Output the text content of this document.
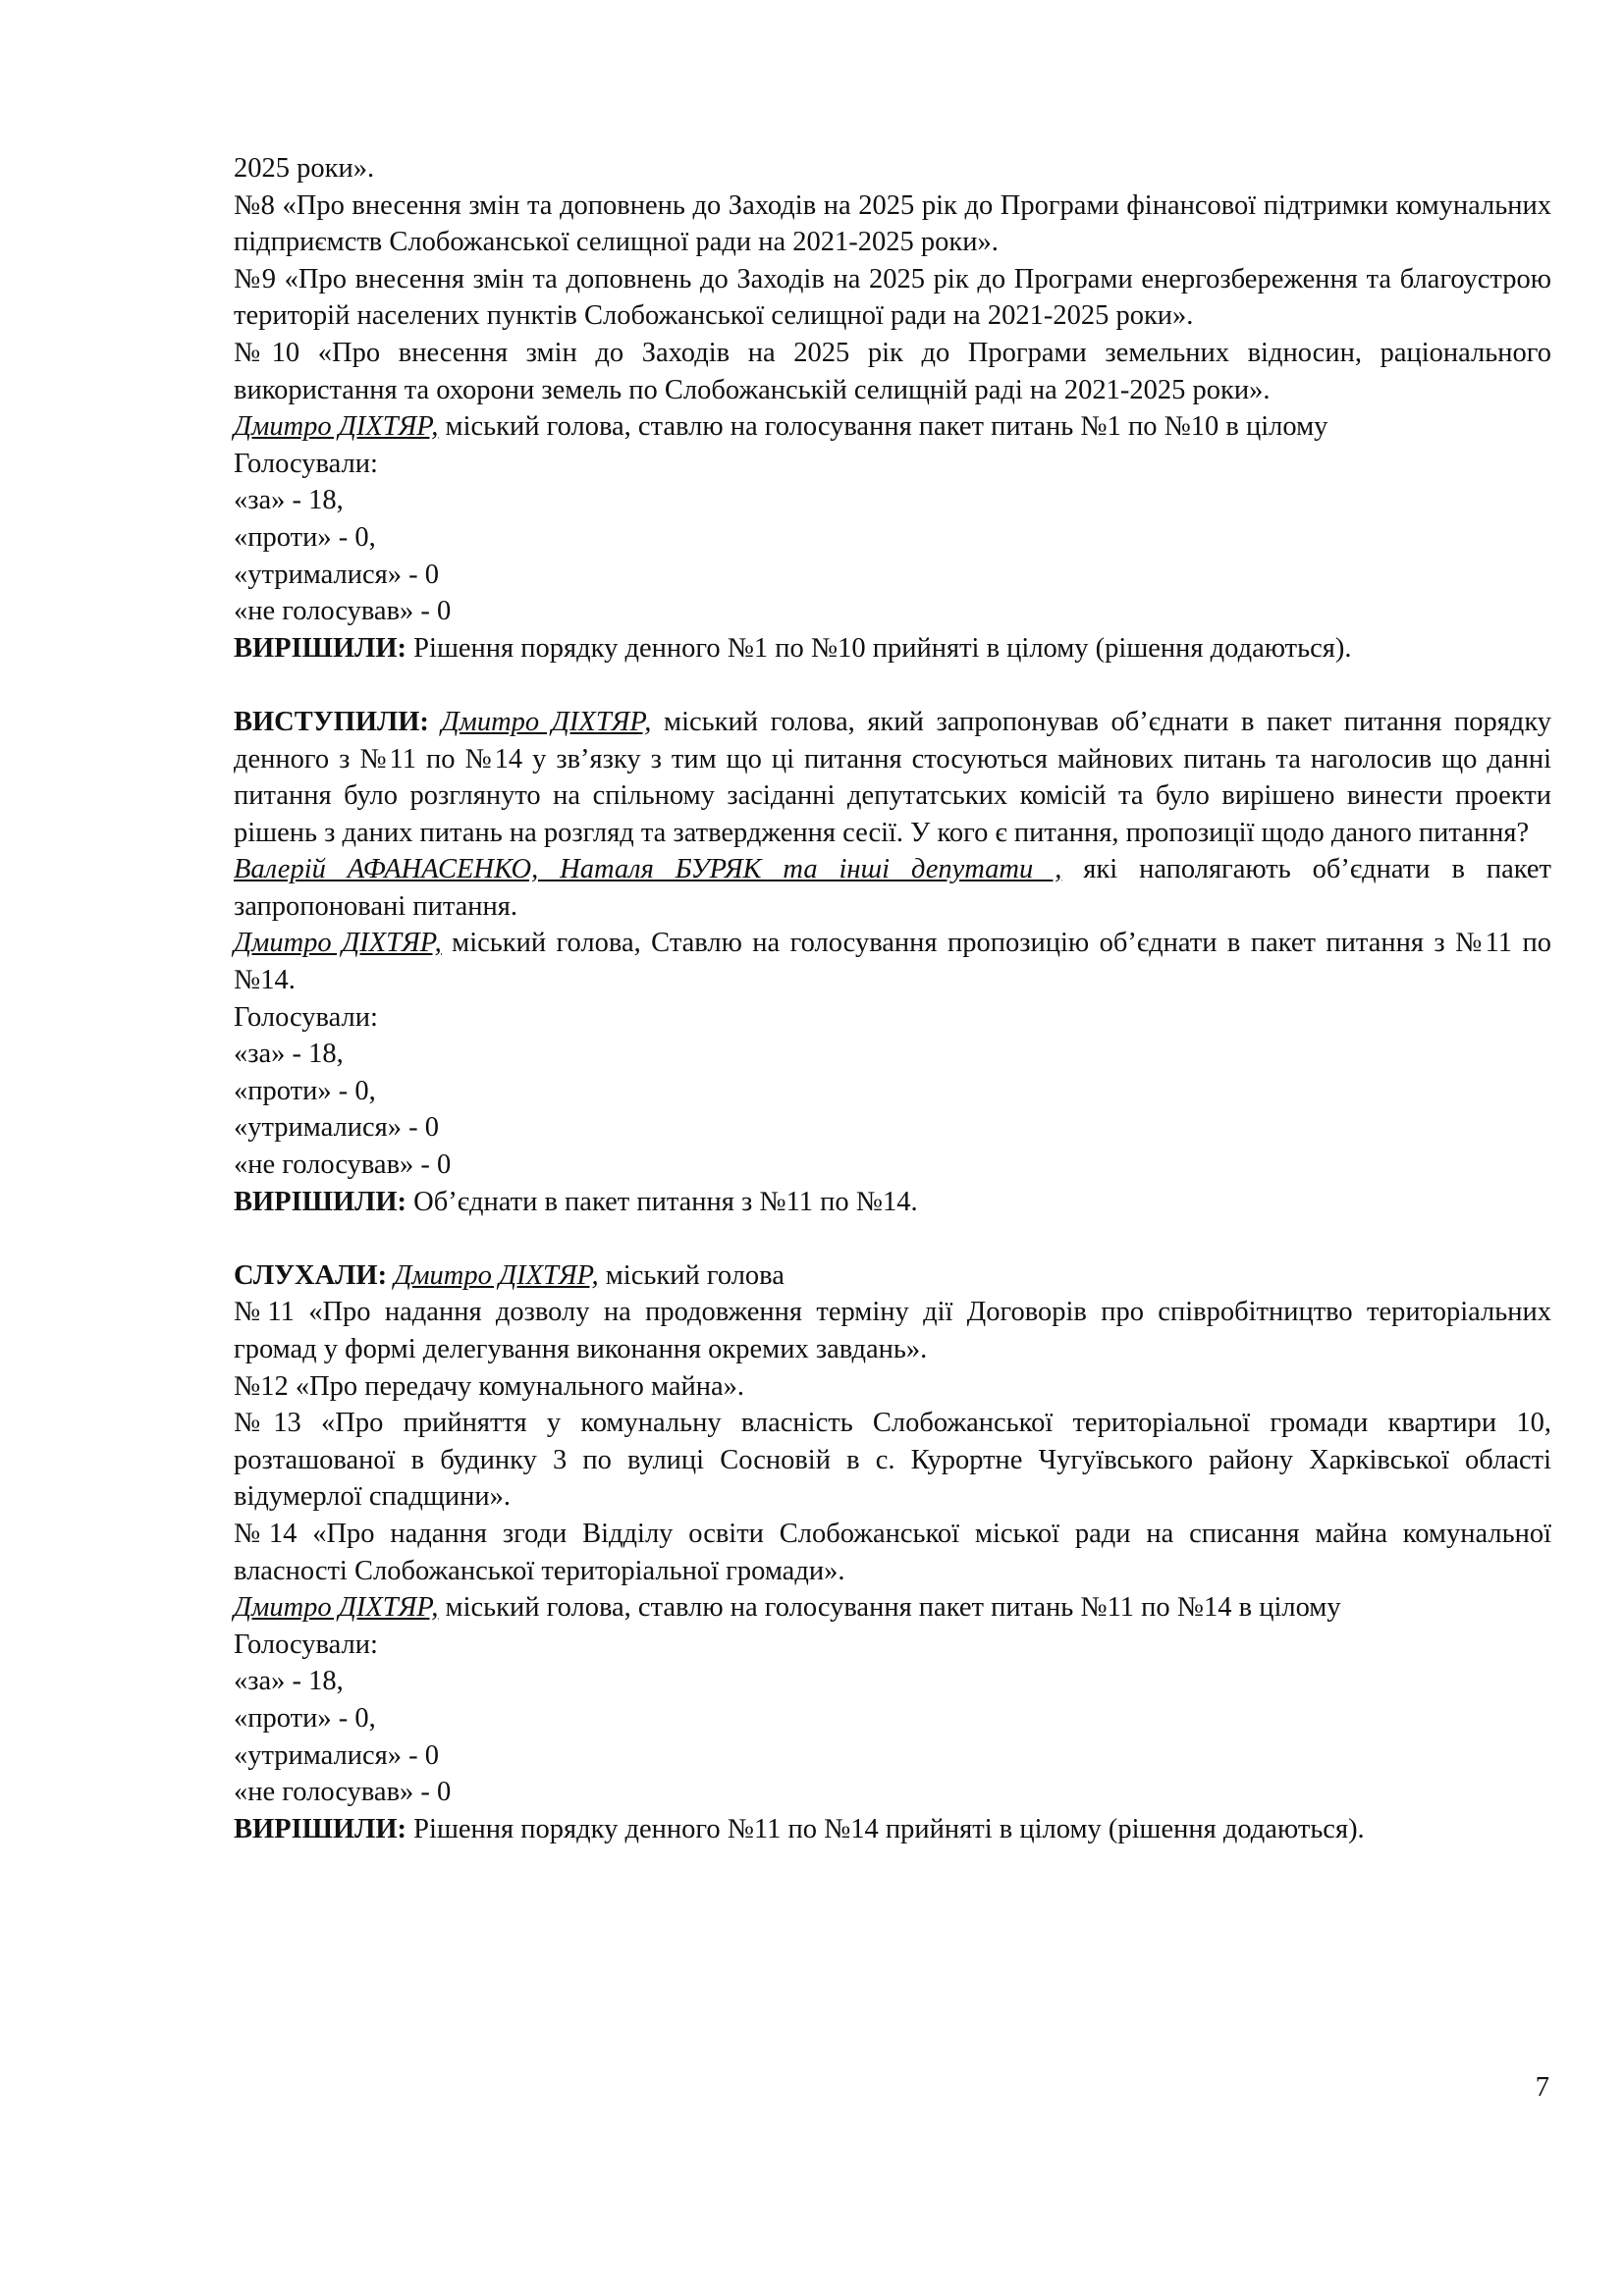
2025 роки».

№8 «Про внесення змін та доповнень до Заходів на 2025 рік до Програми фінансової підтримки комунальних підприємств Слобожанської селищної ради на 2021-2025 роки».

№9 «Про внесення змін та доповнень до Заходів на 2025 рік до Програми енергозбереження та благоустрою територій населених пунктів Слобожанської селищної ради на 2021-2025 роки».

№10 «Про внесення змін до Заходів на 2025 рік до Програми земельних відносин, раціонального використання та охорони земель по Слобожанській селищній раді на 2021-2025 роки».

Дмитро ДІХТЯР, міський голова, ставлю на голосування пакет питань №1 по №10 в цілому

Голосували:

«за» - 18,

«проти» - 0,

«утрималися» - 0

«не голосував» - 0

ВИРІШИЛИ: Рішення порядку денного №1 по №10 прийняті в цілому (рішення додаються).

ВИСТУПИЛИ: Дмитро ДІХТЯР, міський голова, який запропонував об’єднати в пакет питання порядку денного з №11 по №14 у зв’язку з тим що ці питання стосуються майнових питань та наголосив що данні питання було розглянуто на спільному засіданні депутатських комісій та було вирішено винести проекти рішень з даних питань на розгляд та затвердження сесії. У кого є питання, пропозиції щодо даного питання?

Валерій АФАНАСЕНКО, Наталя БУРЯК та інші депутати , які наполягають об’єднати в пакет запропоновані питання.

Дмитро ДІХТЯР, міський голова, Ставлю на голосування пропозицію об’єднати в пакет питання з №11 по №14.

Голосували:

«за» - 18,

«проти» - 0,

«утрималися» - 0

«не голосував» - 0

ВИРІШИЛИ: Об’єднати в пакет питання з №11 по №14.

СЛУХАЛИ: Дмитро ДІХТЯР, міський голова

№11 «Про надання дозволу на продовження терміну дії Договорів про співробітництво територіальних громад у формі делегування виконання окремих завдань».

№12 «Про передачу комунального майна».

№13 «Про прийняття у комунальну власність Слобожанської територіальної громади квартири 10, розташованої в будинку 3 по вулиці Сосновій в с. Курортне Чугуївського району Харківської області відумерлої спадщини».

№14 «Про надання згоди Відділу освіти Слобожанської міської ради на списання майна комунальної власності Слобожанської територіальної громади».

Дмитро ДІХТЯР, міський голова, ставлю на голосування пакет питань №11 по №14 в цілому

Голосували:

«за» - 18,

«проти» - 0,

«утрималися» - 0

«не голосував» - 0

ВИРІШИЛИ: Рішення порядку денного №11 по №14 прийняті в цілому (рішення додаються).

7
